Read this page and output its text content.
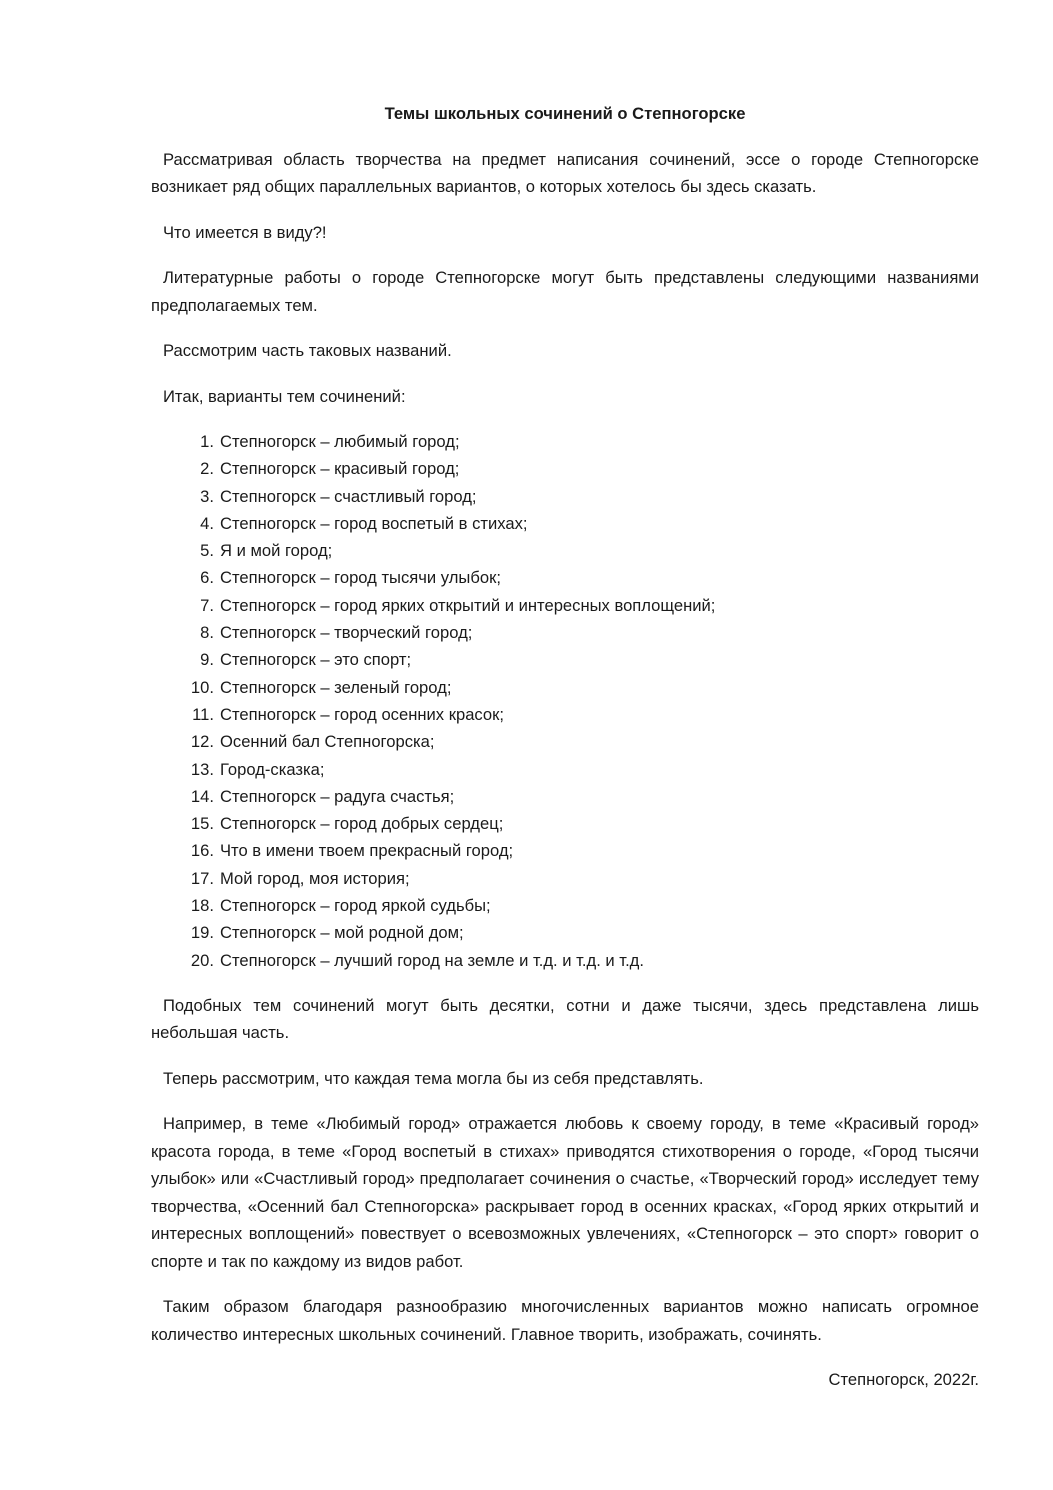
Темы школьных сочинений о Степногорске

Рассматривая область творчества на предмет написания сочинений, эссе о городе Степногорске возникает ряд общих параллельных вариантов, о которых хотелось бы здесь сказать.

Что имеется в виду?!

Литературные работы о городе Степногорске могут быть представлены следующими названиями предполагаемых тем.

Рассмотрим часть таковых названий.

Итак, варианты тем сочинений:

1. Степногорск – любимый город;
2. Степногорск – красивый город;
3. Степногорск – счастливый город;
4. Степногорск – город воспетый в стихах;
5. Я и мой город;
6. Степногорск – город тысячи улыбок;
7. Степногорск – город ярких открытий и интересных воплощений;
8. Степногорск – творческий город;
9. Степногорск – это спорт;
10. Степногорск – зеленый город;
11. Степногорск – город осенних красок;
12. Осенний бал Степногорска;
13. Город-сказка;
14. Степногорск – радуга счастья;
15. Степногорск – город добрых сердец;
16. Что в имени твоем прекрасный город;
17. Мой город, моя история;
18. Степногорск – город яркой судьбы;
19. Степногорск – мой родной дом;
20. Степногорск – лучший город на земле и т.д. и т.д. и т.д.

Подобных тем сочинений могут быть десятки, сотни и даже тысячи, здесь представлена лишь небольшая часть.

Теперь рассмотрим, что каждая тема могла бы из себя представлять.

Например, в теме «Любимый город» отражается любовь к своему городу, в теме «Красивый город» красота города, в теме «Город воспетый в стихах» приводятся стихотворения о городе, «Город тысячи улыбок» или «Счастливый город» предполагает сочинения о счастье, «Творческий город» исследует тему творчества, «Осенний бал Степногорска» раскрывает город в осенних красках, «Город ярких открытий и интересных воплощений» повествует о всевозможных увлечениях, «Степногорск – это спорт» говорит о спорте и так по каждому из видов работ.

Таким образом благодаря разнообразию многочисленных вариантов можно написать огромное количество интересных школьных сочинений. Главное творить, изображать, сочинять.

Степногорск, 2022г.
